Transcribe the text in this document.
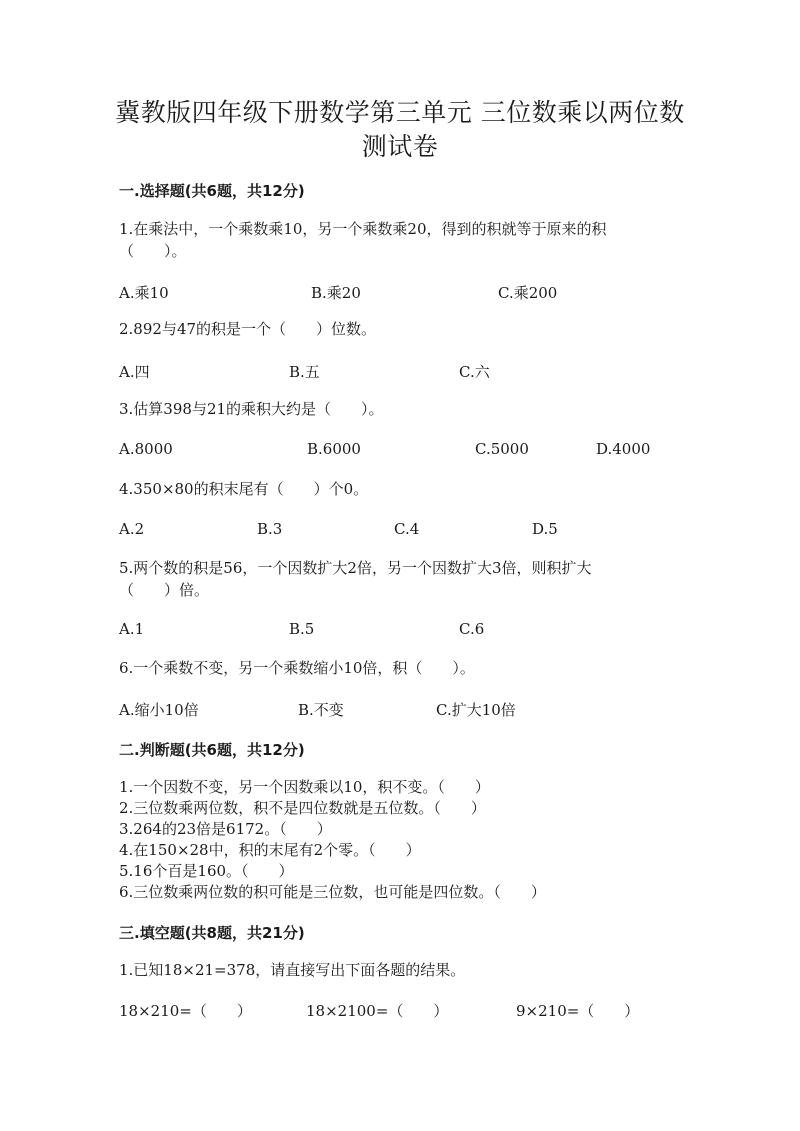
冀教版四年级下册数学第三单元 三位数乘以两位数
测试卷
一.选择题(共6题，共12分)
1.在乘法中，一个乘数乘10，另一个乘数乘20，得到的积就等于原来的积
（　　）。
A.乘10	B.乘20	C.乘200
2.892与47的积是一个（　　）位数。
A.四	B.五	C.六
3.估算398与21的乘积大约是（　　）。
A.8000	B.6000	C.5000	D.4000
4.350×80的积末尾有（　　）个0。
A.2	B.3	C.4	D.5
5.两个数的积是56，一个因数扩大2倍，另一个因数扩大3倍，则积扩大
（　　）倍。
A.1	B.5	C.6
6.一个乘数不变，另一个乘数缩小10倍，积（　　）。
A.缩小10倍	B.不变	C.扩大10倍
二.判断题(共6题，共12分)
1.一个因数不变，另一个因数乘以10，积不变。（　　）
2.三位数乘两位数，积不是四位数就是五位数。（　　）
3.264的23倍是6172。（　　）
4.在150×28中，积的末尾有2个零。（　　）
5.16个百是160。（　　）
6.三位数乘两位数的积可能是三位数，也可能是四位数。（　　）
三.填空题(共8题，共21分)
1.已知18×21=378，请直接写出下面各题的结果。
18×210=（　　）	18×2100=（　　）	9×210=（　　）
